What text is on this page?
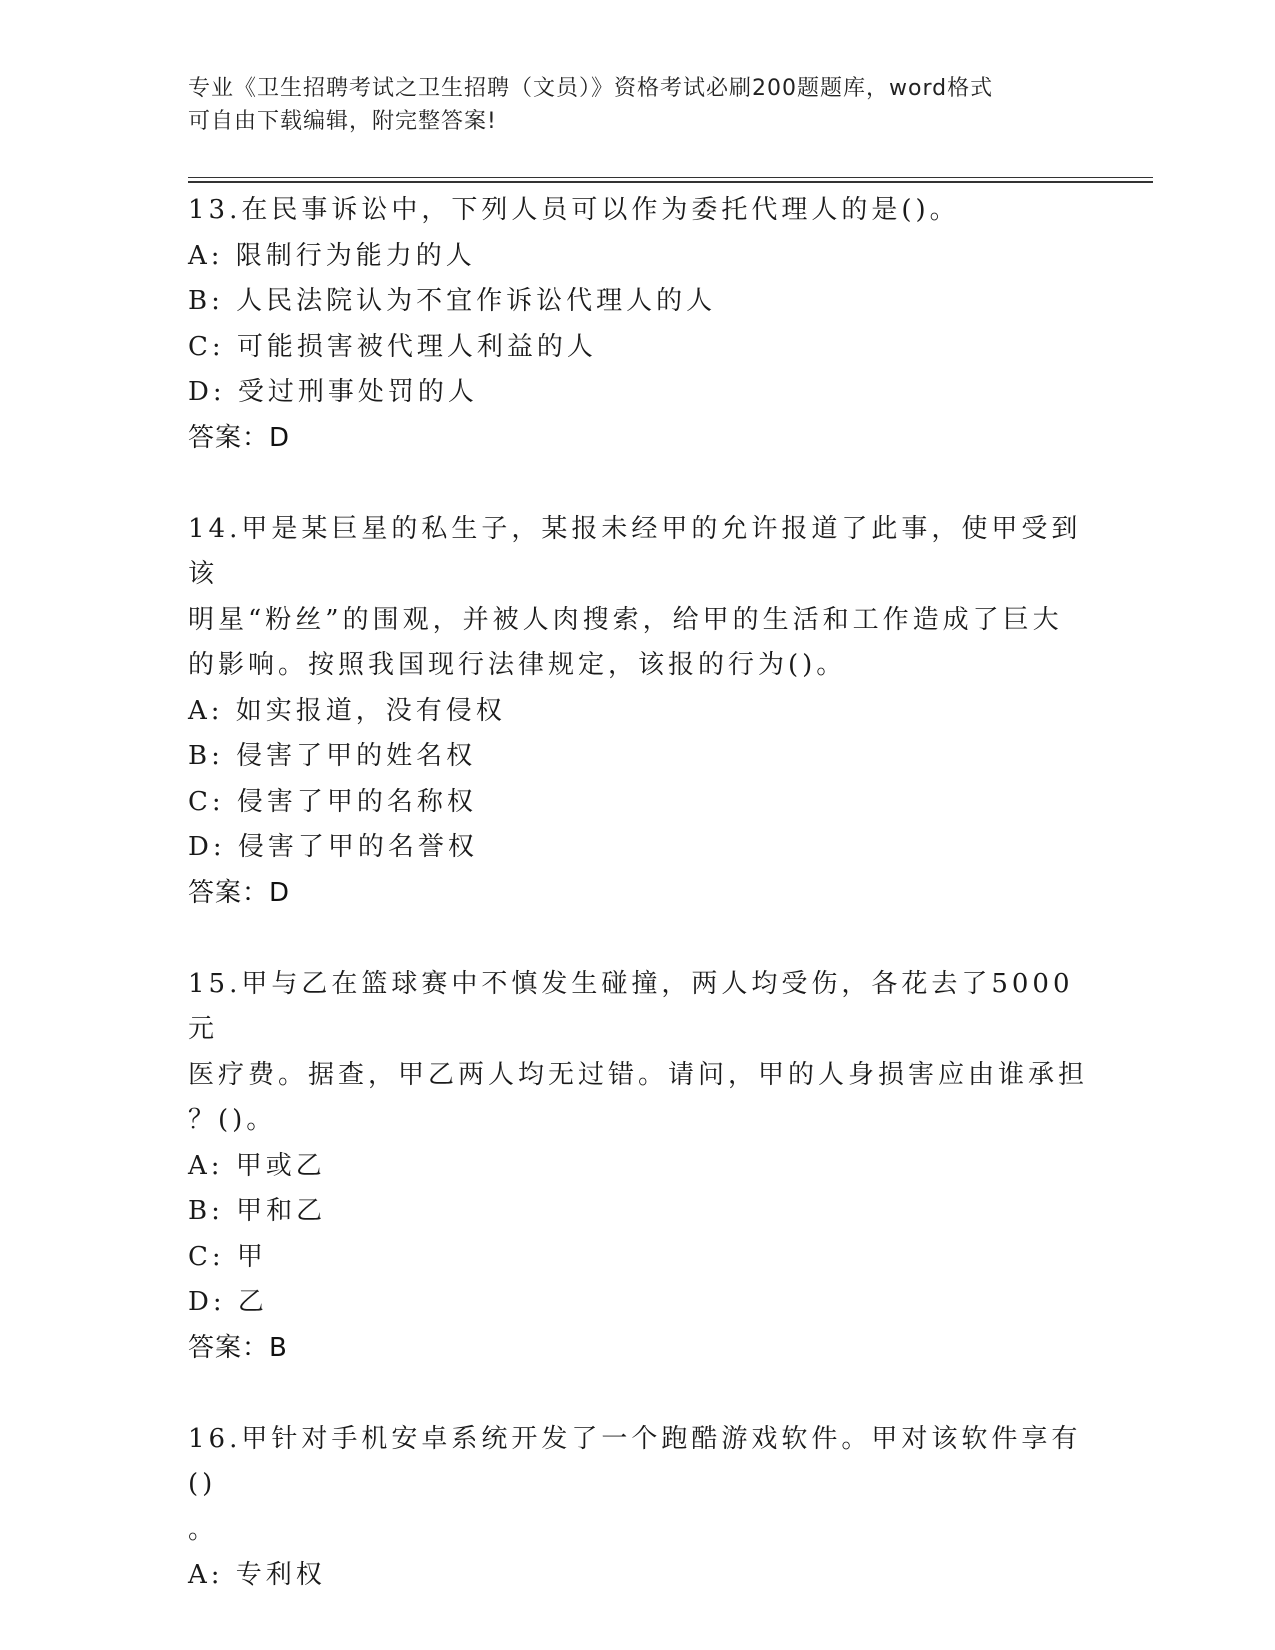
专业《卫生招聘考试之卫生招聘（文员）》资格考试必刷200题题库，word格式
可自由下载编辑，附完整答案!

13.在民事诉讼中，下列人员可以作为委托代理人的是()。

A: 限制行为能力的人

B: 人民法院认为不宜作诉讼代理人的人

C: 可能损害被代理人利益的人

D: 受过刑事处罚的人

答案：D

14.甲是某巨星的私生子，某报未经甲的允许报道了此事，使甲受到该

明星“粉丝”的围观，并被人肉搜索，给甲的生活和工作造成了巨大

的影响。按照我国现行法律规定，该报的行为()。

A: 如实报道，没有侵权

B: 侵害了甲的姓名权

C: 侵害了甲的名称权

D: 侵害了甲的名誉权

答案：D

15.甲与乙在篮球赛中不慎发生碰撞，两人均受伤，各花去了5000元

医疗费。据查，甲乙两人均无过错。请问，甲的人身损害应由谁承担

？()。

A: 甲或乙

B: 甲和乙

C: 甲

D: 乙

答案：B

16.甲针对手机安卓系统开发了一个跑酷游戏软件。甲对该软件享有()

。

A: 专利权
